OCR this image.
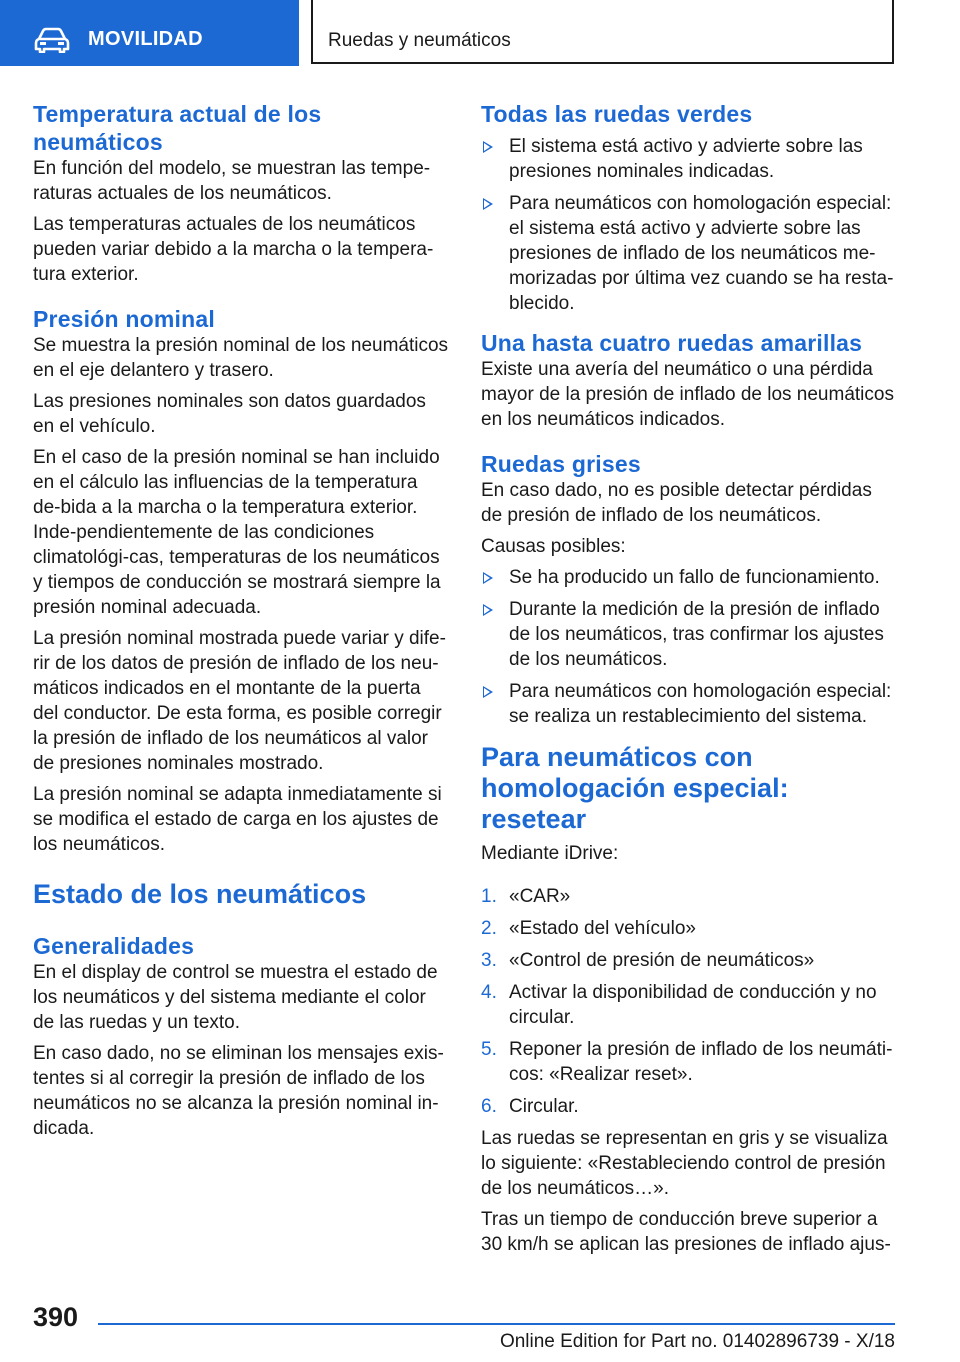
MOVILIDAD	Ruedas y neumáticos
Temperatura actual de los neumáticos

En función del modelo, se muestran las tempe-raturas actuales de los neumáticos.

Las temperaturas actuales de los neumáticos pueden variar debido a la marcha o la tempera-tura exterior.

Presión nominal

Se muestra la presión nominal de los neumáticos en el eje delantero y trasero.

Las presiones nominales son datos guardados en el vehículo.

En el caso de la presión nominal se han incluido en el cálculo las influencias de la temperatura de-bida a la marcha o la temperatura exterior. Inde-pendientemente de las condiciones climatológi-cas, temperaturas de los neumáticos y tiempos de conducción se mostrará siempre la presión nominal adecuada.

La presión nominal mostrada puede variar y dife-rir de los datos de presión de inflado de los neu-máticos indicados en el montante de la puerta del conductor. De esta forma, es posible corregir la presión de inflado de los neumáticos al valor de presiones nominales mostrado.

La presión nominal se adapta inmediatamente si se modifica el estado de carga en los ajustes de los neumáticos.

Estado de los neumáticos
Generalidades

En el display de control se muestra el estado de los neumáticos y del sistema mediante el color de las ruedas y un texto.

En caso dado, no se eliminan los mensajes exis-tentes si al corregir la presión de inflado de los neumáticos no se alcanza la presión nominal in-dicada.

Todas las ruedas verdes
El sistema está activo y advierte sobre las presiones nominales indicadas.
Para neumáticos con homologación especial: el sistema está activo y advierte sobre las presiones de inflado de los neumáticos me-morizadas por última vez cuando se ha resta-blecido.
Una hasta cuatro ruedas amarillas

Existe una avería del neumático o una pérdida mayor de la presión de inflado de los neumáticos en los neumáticos indicados.

Ruedas grises

En caso dado, no es posible detectar pérdidas de presión de inflado de los neumáticos.

Causas posibles:

Se ha producido un fallo de funcionamiento.
Durante la medición de la presión de inflado de los neumáticos, tras confirmar los ajustes de los neumáticos.
Para neumáticos con homologación especial: se realiza un restablecimiento del sistema.
Para neumáticos con homologación especial: resetear

Mediante iDrive:

1. «CAR»
2. «Estado del vehículo»
3. «Control de presión de neumáticos»
4. Activar la disponibilidad de conducción y no circular.
5. Reponer la presión de inflado de los neumáti-cos: «Realizar reset».
6. Circular.

Las ruedas se representan en gris y se visualiza lo siguiente: «Restableciendo control de presión de los neumáticos…».

Tras un tiempo de conducción breve superior a 30 km/h se aplican las presiones de inflado ajus-

390
Online Edition for Part no. 01402896739 - X/18
